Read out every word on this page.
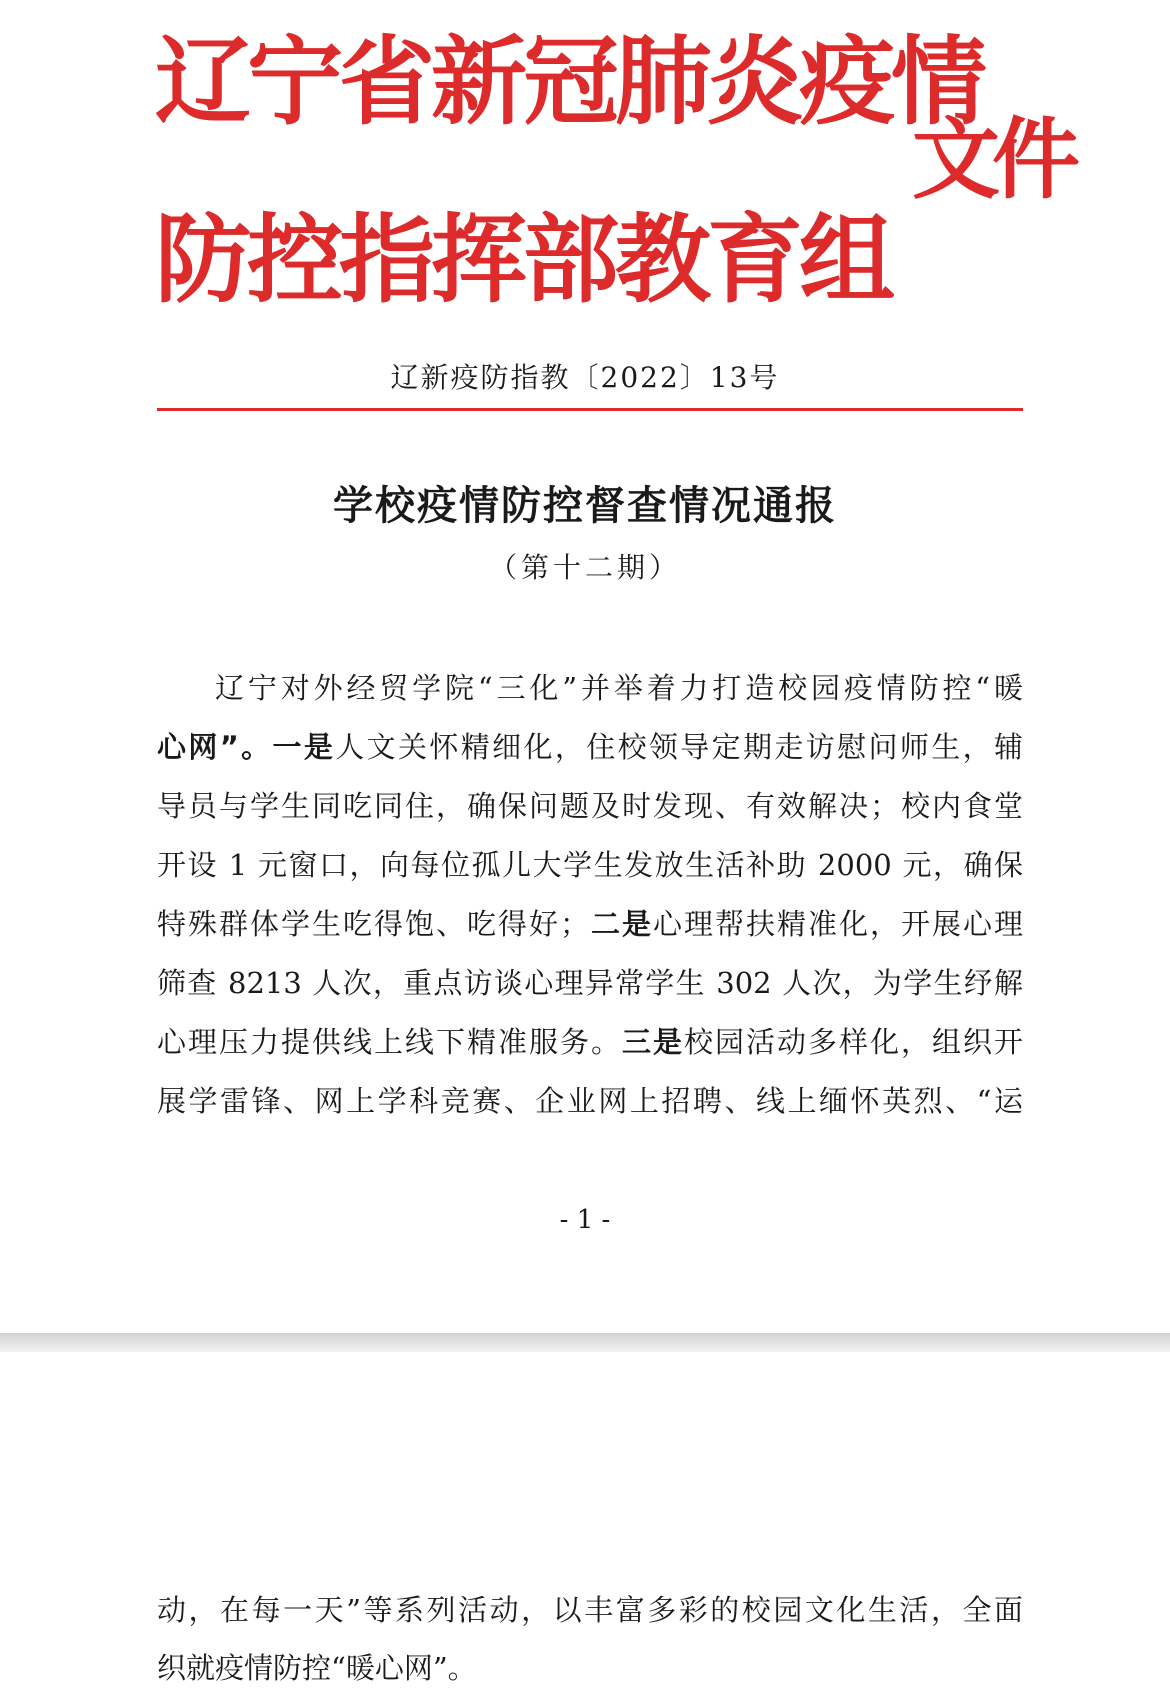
辽宁省新冠肺炎疫情
防控指挥部教育组
文件
辽新疫防指教〔2022〕13号
学校疫情防控督查情况通报
（第十二期）
辽宁对外经贸学院“三化”并举着力打造校园疫情防控“暖
心网”。一是人文关怀精细化，住校领导定期走访慰问师生，辅
导员与学生同吃同住，确保问题及时发现、有效解决；校内食堂
开设 1 元窗口，向每位孤儿大学生发放生活补助 2000 元，确保
特殊群体学生吃得饱、吃得好；二是心理帮扶精准化，开展心理
筛查 8213 人次，重点访谈心理异常学生 302 人次，为学生纾解
心理压力提供线上线下精准服务。三是校园活动多样化，组织开
展学雷锋、网上学科竞赛、企业网上招聘、线上缅怀英烈、“运
- 1 -
动，在每一天”等系列活动，以丰富多彩的校园文化生活，全面
织就疫情防控“暖心网”。
